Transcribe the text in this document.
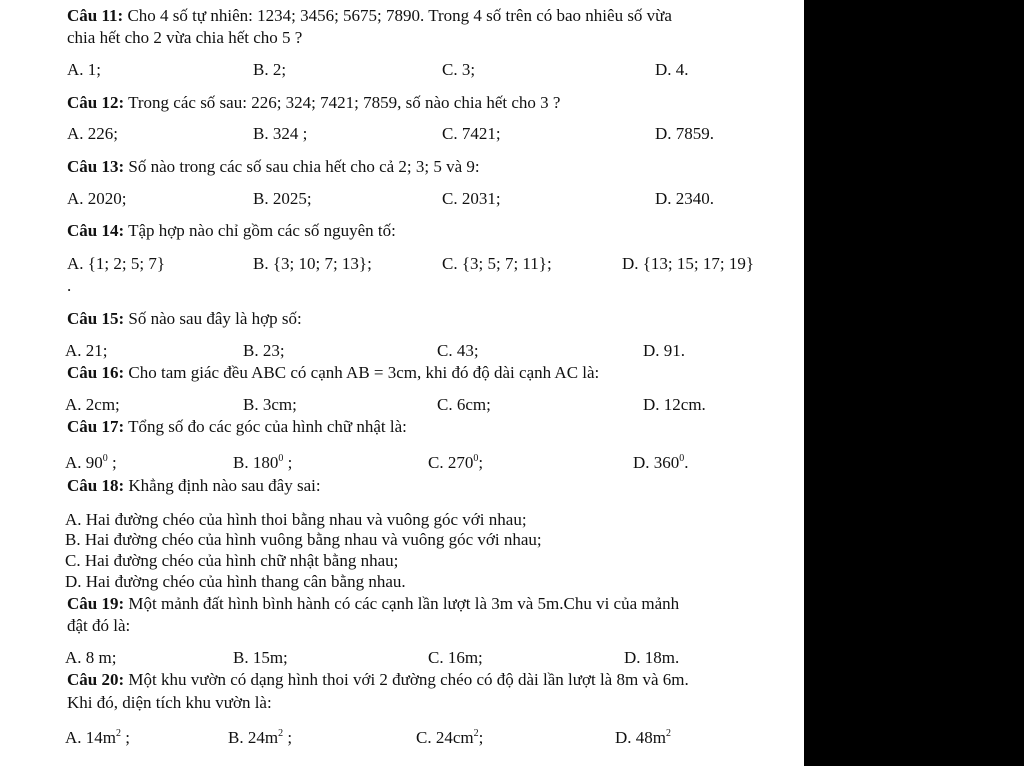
Câu 11: Cho 4 số tự nhiên: 1234; 3456; 5675; 7890. Trong 4 số trên có bao nhiêu số vừa
chia hết cho 2 vừa chia hết cho 5 ?
A. 1;	B. 2;	C. 3;	D. 4.
Câu 12: Trong các số sau: 226; 324; 7421; 7859, số nào chia hết cho 3 ?
A. 226;	B. 324 ;	C. 7421;	D. 7859.
Câu 13: Số nào trong các số sau chia hết cho cả 2; 3; 5 và 9:
A. 2020;	B. 2025;	C. 2031;	D. 2340.
Câu 14: Tập hợp nào chỉ gồm các số nguyên tố:
A. {1; 2; 5; 7}	B. {3; 10; 7; 13};	C. {3; 5; 7; 11};	D. {13; 15; 17; 19}
.
Câu 15: Số nào sau đây là hợp số:
A. 21;	B. 23;	C. 43;	D. 91.
Câu 16: Cho tam giác đều ABC có cạnh AB = 3cm, khi đó độ dài cạnh AC là:
A. 2cm;	B. 3cm;	C. 6cm;	D. 12cm.
Câu 17: Tổng số đo các góc của hình chữ nhật là:
A. $90^0$ ;	B. $180^0$ ;	C. $270^0$;	D. $360^0$.
Câu 18: Khẳng định nào sau đây sai:
A. Hai đường chéo của hình thoi bằng nhau và vuông góc với nhau;
B. Hai đường chéo của hình vuông bằng nhau và vuông góc với nhau;
C. Hai đường chéo của hình chữ nhật bằng nhau;
D. Hai đường chéo của hình thang cân bằng nhau.
Câu 19: Một mảnh đất hình bình hành có các cạnh lần lượt là 3m và 5m.Chu vi của mảnh
đật đó là:
A. 8 m;	B. 15m;	C. 16m;	D. 18m.
Câu 20: Một khu vườn có dạng hình thoi với 2 đường chéo có độ dài lần lượt là 8m và 6m.
Khi đó, diện tích khu vườn là:
A. $14m^2$ ;	B. $24m^2$ ;	C. $24cm^2$;	D. $48m^2$
